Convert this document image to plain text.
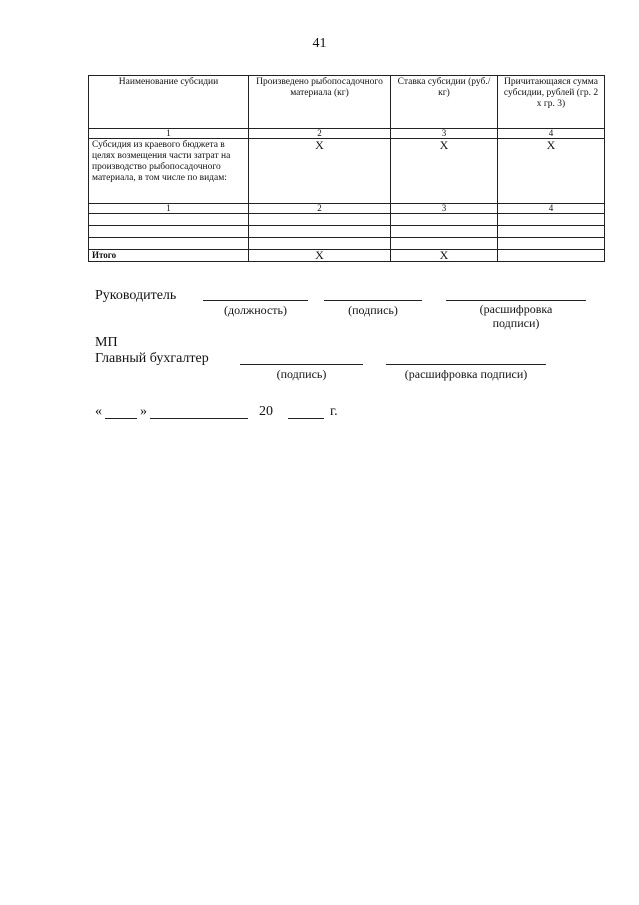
41
Наименование субсидии	Произведено рыбопосадочного материала (кг)	Ставка субсидии (руб./кг)	Причитающаяся сумма субсидии, рублей (гр. 2 х гр. 3)
1	2	3	4
Субсидия из краевого бюджета в целях возмещения части затрат на производство рыбопосадочного материала, в том числе по видам:	X	X	X
1	2	3	4

Итого	X	X	
Руководитель
(должность)	(подпись)	(расшифровка подписи)
МП
Главный бухгалтер
(подпись)	(расшифровка подписи)
«	»	20	г.
